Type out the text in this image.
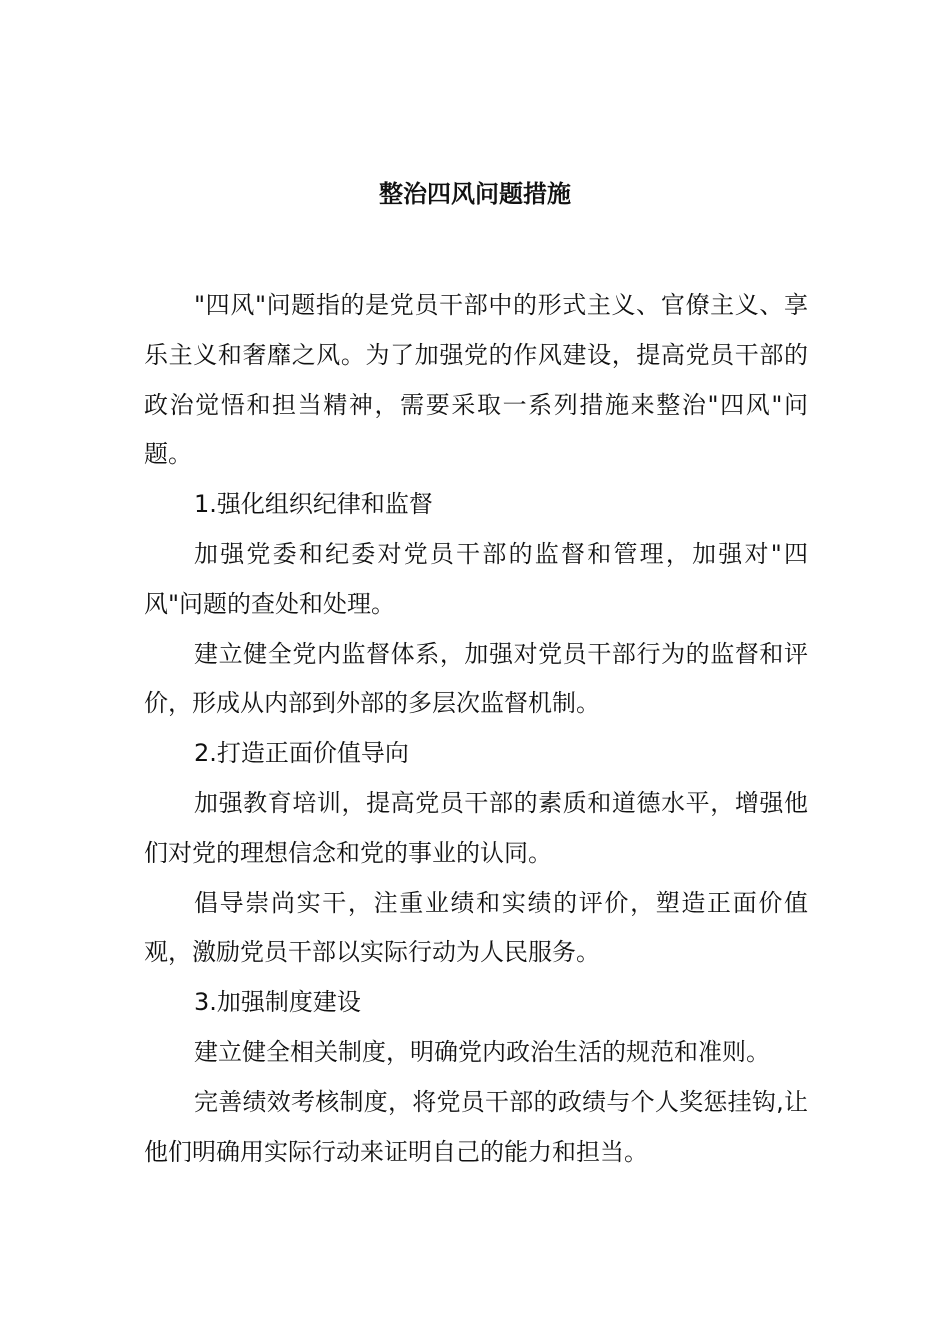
整治四风问题措施

"四风"问题指的是党员干部中的形式主义、官僚主义、享乐主义和奢靡之风。为了加强党的作风建设，提高党员干部的政治觉悟和担当精神，需要采取一系列措施来整治"四风"问题。

1.强化组织纪律和监督

加强党委和纪委对党员干部的监督和管理，加强对"四风"问题的查处和处理。

建立健全党内监督体系，加强对党员干部行为的监督和评价，形成从内部到外部的多层次监督机制。

2.打造正面价值导向

加强教育培训，提高党员干部的素质和道德水平，增强他们对党的理想信念和党的事业的认同。

倡导崇尚实干，注重业绩和实绩的评价，塑造正面价值观，激励党员干部以实际行动为人民服务。

3.加强制度建设

建立健全相关制度，明确党内政治生活的规范和准则。

完善绩效考核制度，将党员干部的政绩与个人奖惩挂钩,让他们明确用实际行动来证明自己的能力和担当。
